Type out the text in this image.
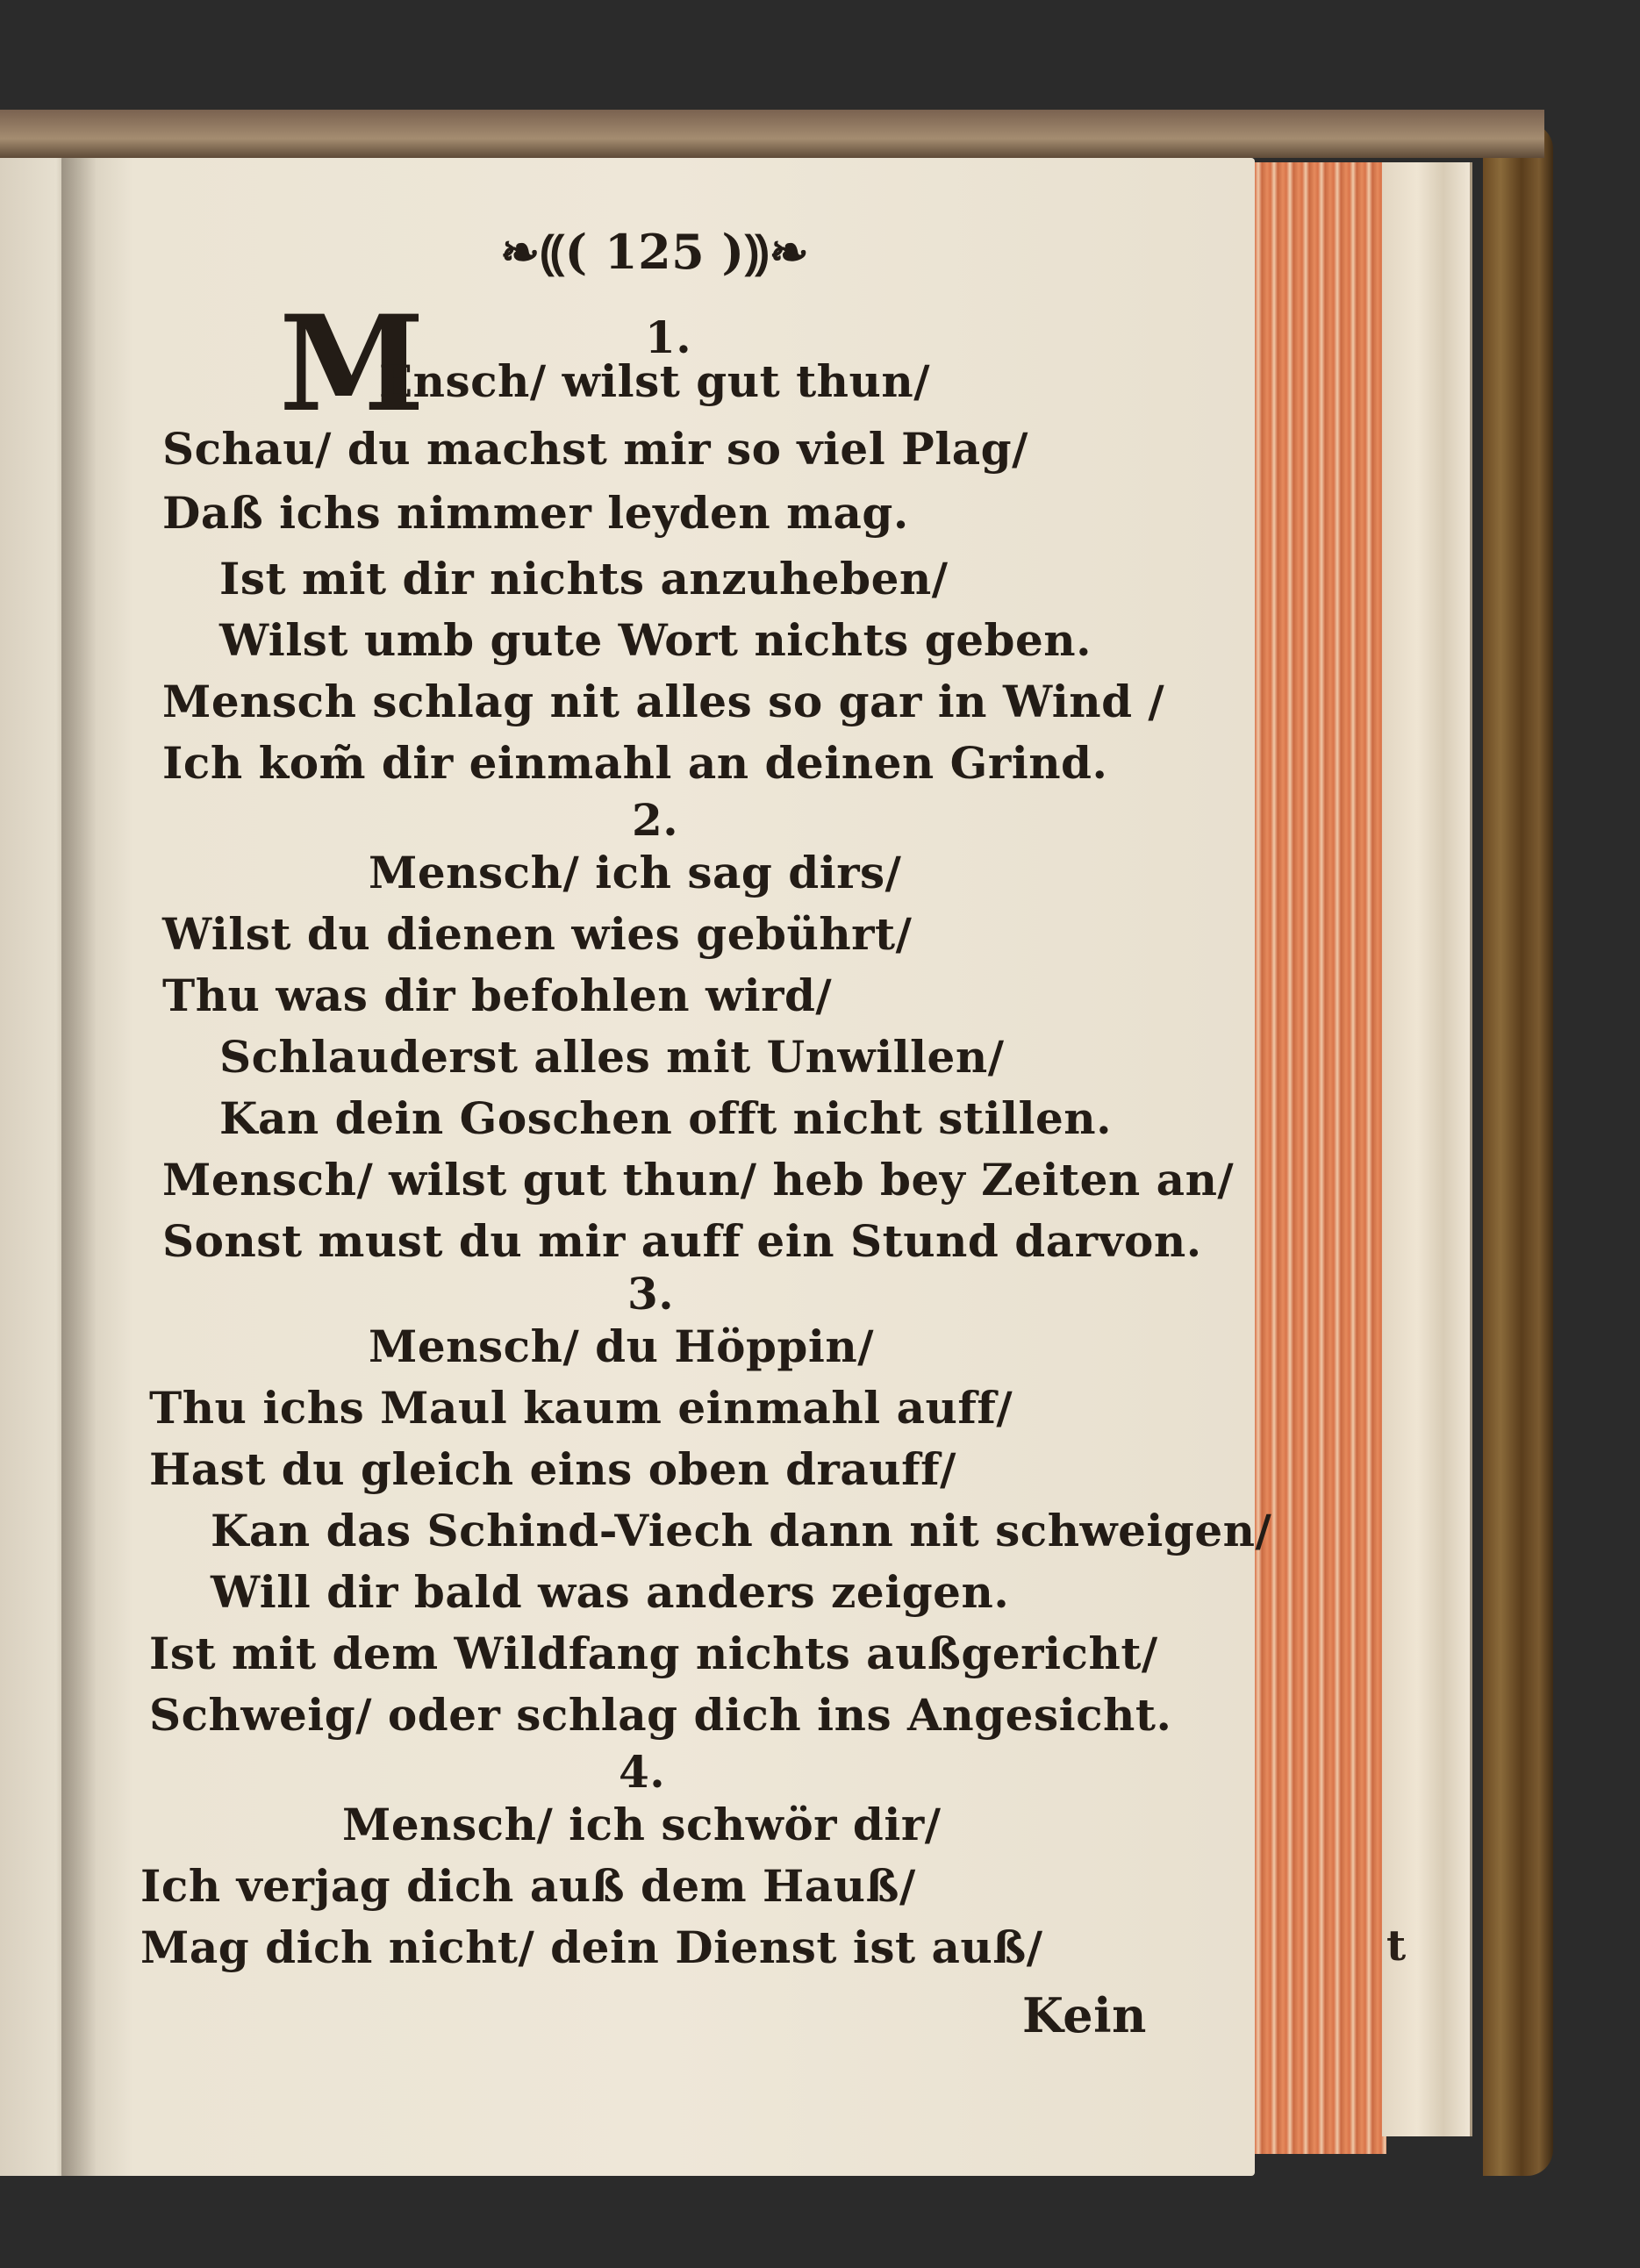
t
❧⸨( 125 )⸩❧
1.
M
Ensch/ wilst gut thun/
Schau/ du machst mir so viel Plag/
Daß ichs nimmer leyden mag.
Ist mit dir nichts anzuheben/
Wilst umb gute Wort nichts geben.
Mensch schlag nit alles so gar in Wind /
Ich kom̃ dir einmahl an deinen Grind.
2.
Mensch/ ich sag dirs/
Wilst du dienen wies gebührt/
Thu was dir befohlen wird/
Schlauderst alles mit Unwillen/
Kan dein Goschen offt nicht stillen.
Mensch/ wilst gut thun/ heb bey Zeiten an/
Sonst must du mir auff ein Stund darvon.
3.
Mensch/ du Höppin/
Thu ichs Maul kaum einmahl auff/
Hast du gleich eins oben drauff/
Kan das Schind-Viech dann nit schweigen/
Will dir bald was anders zeigen.
Ist mit dem Wildfang nichts außgericht/
Schweig/ oder schlag dich ins Angesicht.
4.
Mensch/ ich schwör dir/
Ich verjag dich auß dem Hauß/
Mag dich nicht/ dein Dienst ist auß/
Kein
